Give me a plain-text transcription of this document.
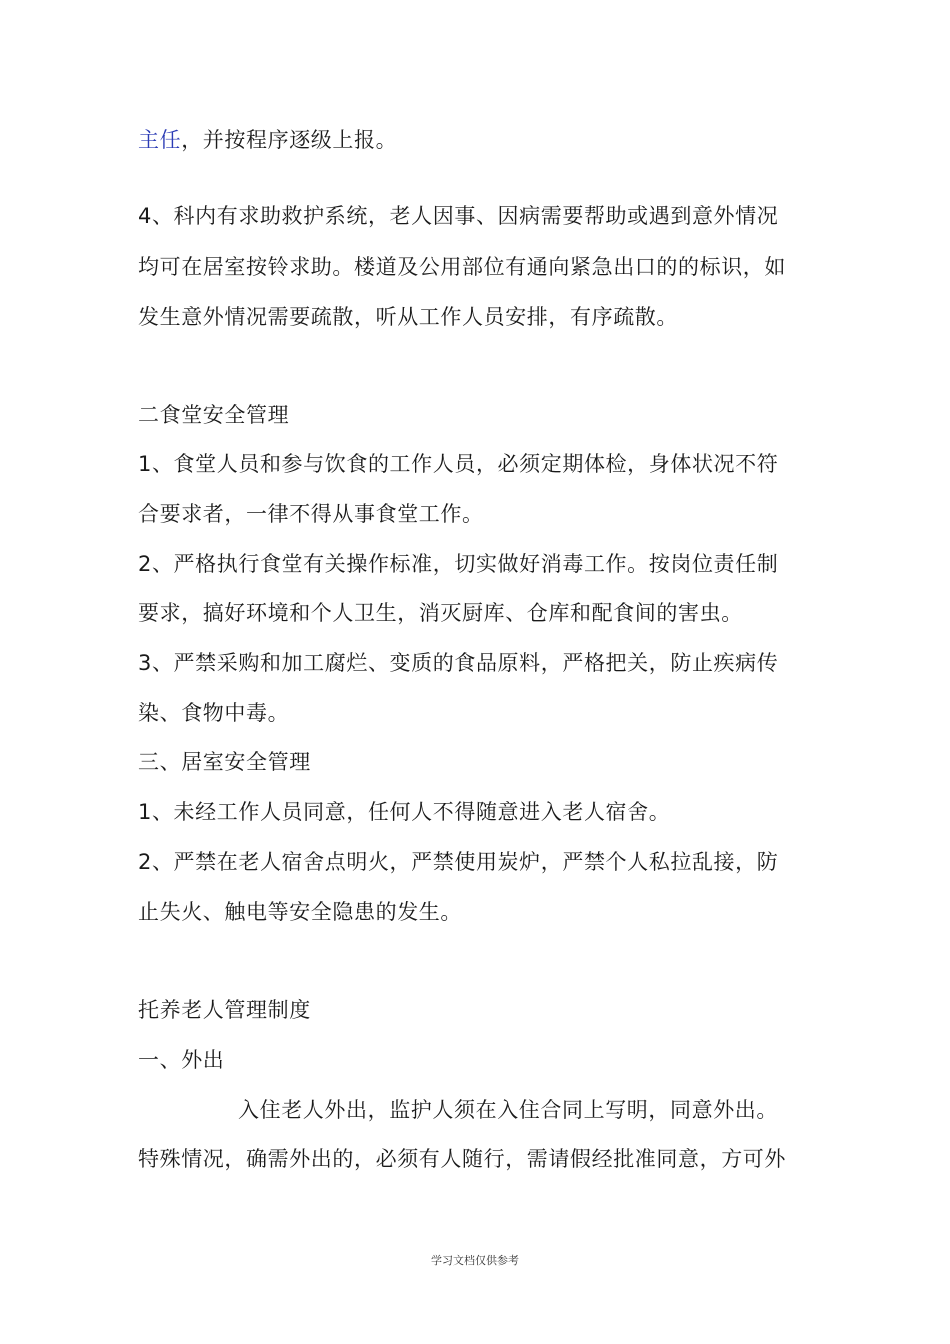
主任，并按程序逐级上报。
4、科内有求助救护系统，老人因事、因病需要帮助或遇到意外情况
均可在居室按铃求助。楼道及公用部位有通向紧急出口的的标识，如
发生意外情况需要疏散，听从工作人员安排，有序疏散。
二食堂安全管理
1、食堂人员和参与饮食的工作人员，必须定期体检，身体状况不符
合要求者，一律不得从事食堂工作。
2、严格执行食堂有关操作标准，切实做好消毒工作。按岗位责任制
要求，搞好环境和个人卫生，消灭厨库、仓库和配食间的害虫。
3、严禁采购和加工腐烂、变质的食品原料，严格把关，防止疾病传
染、食物中毒。
三、居室安全管理
1、未经工作人员同意，任何人不得随意进入老人宿舍。
2、严禁在老人宿舍点明火，严禁使用炭炉，严禁个人私拉乱接，防
止失火、触电等安全隐患的发生。
托养老人管理制度
一、外出
入住老人外出，监护人须在入住合同上写明，同意外出。
特殊情况，确需外出的，必须有人随行，需请假经批准同意，方可外
学习文档仅供参考
